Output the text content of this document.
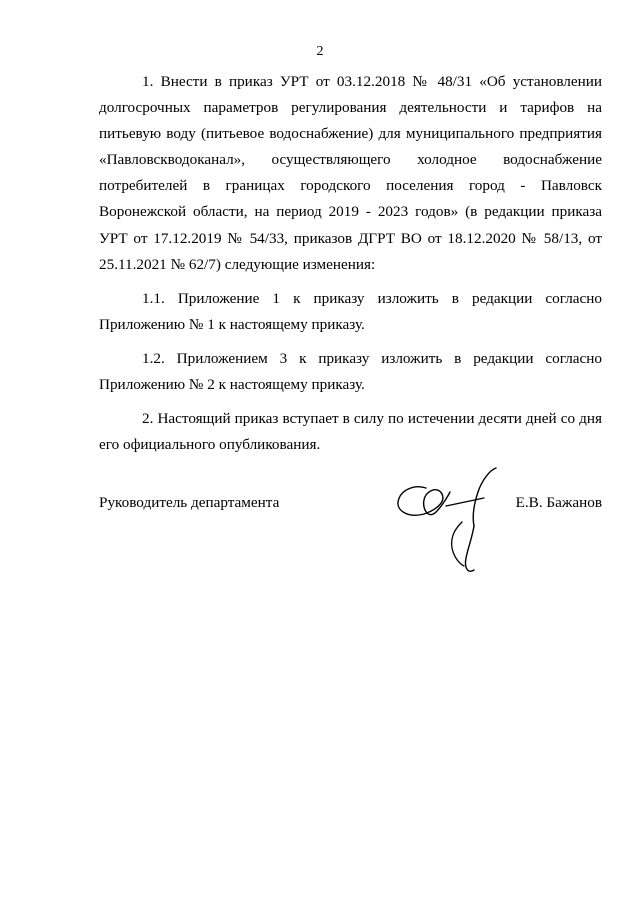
2

1. Внести в приказ УРТ от 03.12.2018 № 48/31 «Об установлении долгосрочных параметров регулирования деятельности и тарифов на питьевую воду (питьевое водоснабжение) для муниципального предприятия «Павловскводоканал», осуществляющего холодное водоснабжение потребителей в границах городского поселения город - Павловск Воронежской области, на период 2019 - 2023 годов» (в редакции приказа УРТ от 17.12.2019 № 54/33, приказов ДГРТ ВО от 18.12.2020 № 58/13, от 25.11.2021 № 62/7) следующие изменения:

1.1. Приложение 1 к приказу изложить в редакции согласно Приложению № 1 к настоящему приказу.

1.2. Приложением 3 к приказу изложить в редакции согласно Приложению № 2 к настоящему приказу.

2. Настоящий приказ вступает в силу по истечении десяти дней со дня его официального опубликования.

Руководитель департамента	Е.В. Бажанов
